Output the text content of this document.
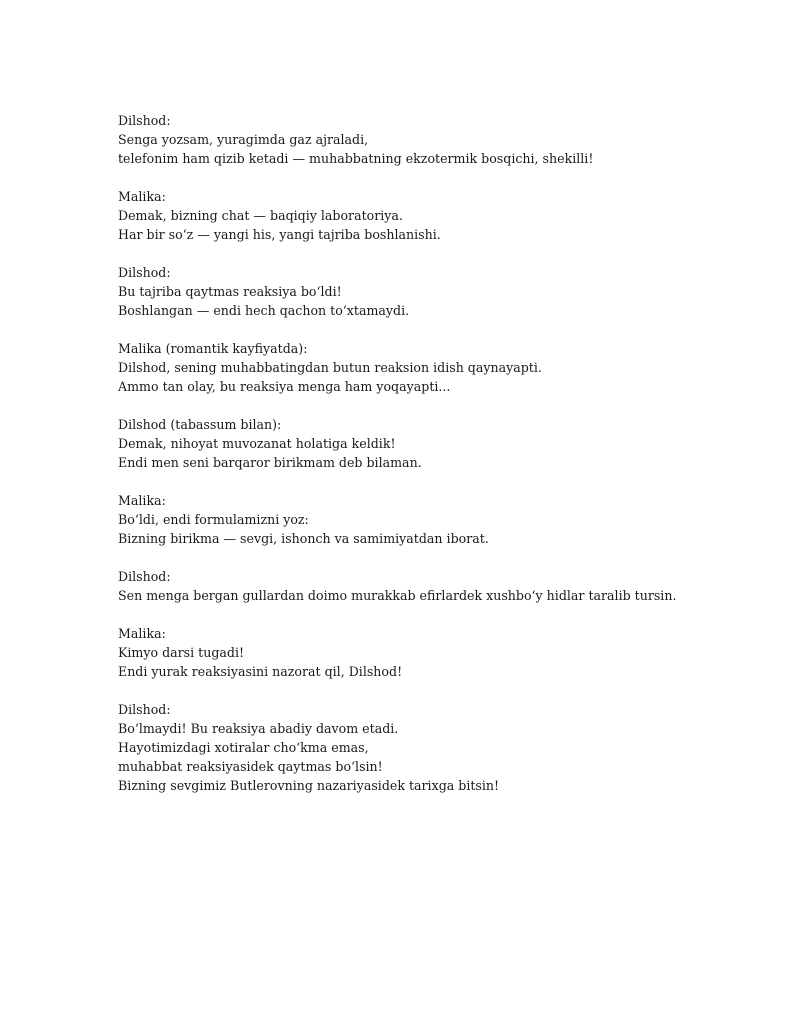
Dilshod:
Senga yozsam, yuragimda gaz ajraladi,
telefonim ham qizib ketadi — muhabbatning ekzotermik bosqichi, shekilli!
Malika:
Demak, bizning chat — baqiqiy laboratoriya.
Har bir so‘z — yangi his, yangi tajriba boshlanishi.
Dilshod:
Bu tajriba qaytmas reaksiya bo‘ldi!
Boshlangan — endi hech qachon to‘xtamaydi.
Malika (romantik kayfiyatda):
Dilshod, sening muhabbatingdan butun reaksion idish qaynayapti.
Ammo tan olay, bu reaksiya menga ham yoqayapti...
Dilshod (tabassum bilan):
Demak, nihoyat muvozanat holatiga keldik!
Endi men seni barqaror birikmam deb bilaman.
Malika:
Bo‘ldi, endi formulamizni yoz:
Bizning birikma — sevgi, ishonch va samimiyatdan iborat.
Dilshod:
Sen menga bergan gullardan doimo murakkab efirlardek xushbo‘y hidlar taralib tursin.
Malika:
Kimyo darsi tugadi!
Endi yurak reaksiyasini nazorat qil, Dilshod!
Dilshod:
Bo‘lmaydi! Bu reaksiya abadiy davom etadi.
Hayotimizdagi xotiralar cho‘kma emas,
muhabbat reaksiyasidek qaytmas bo‘lsin!
Bizning sevgimiz Butlerovning nazariyasidek tarixga bitsin!
